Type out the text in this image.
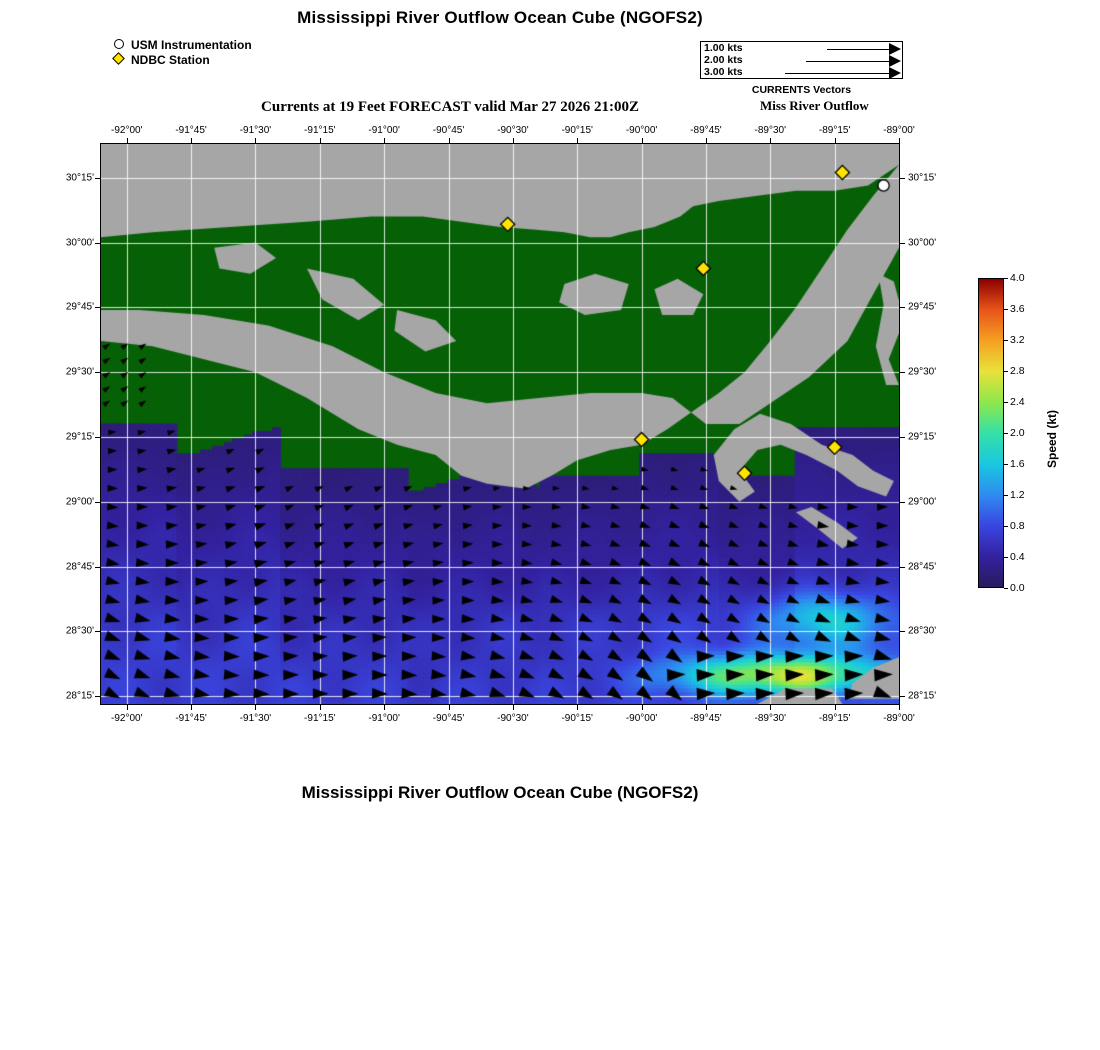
Mississippi River Outflow Ocean Cube (NGOFS2)
Currents at 19 Feet FORECAST valid Mar 27 2026 21:00Z	Miss River Outflow
Mississippi River Outflow Ocean Cube (NGOFS2)
USM Instrumentation
NDBC Station
1.00 kts
2.00 kts
3.00 kts
CURRENTS Vectors
-92°00'
-92°00'
-91°45'
-91°45'
-91°30'
-91°30'
-91°15'
-91°15'
-91°00'
-91°00'
-90°45'
-90°45'
-90°30'
-90°30'
-90°15'
-90°15'
-90°00'
-90°00'
-89°45'
-89°45'
-89°30'
-89°30'
-89°15'
-89°15'
-89°00'
-89°00'
30°15'	30°15'
30°00'	30°00'
29°45'	29°45'
29°30'	29°30'
29°15'	29°15'
29°00'	29°00'
28°45'	28°45'
28°30'	28°30'
28°15'	28°15'
Speed (kt)
0.0
0.4
0.8
1.2
1.6
2.0
2.4
2.8
3.2
3.6
4.0
